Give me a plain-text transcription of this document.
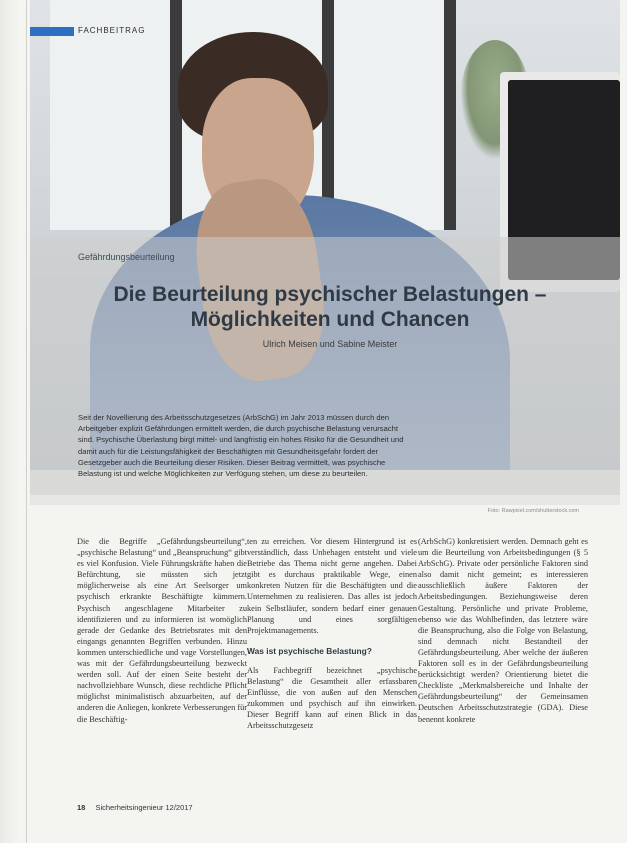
FACHBEITRAG
Gefährdungsbeurteilung
Die Beurteilung psychischer Belastungen –
Möglichkeiten und Chancen
Ulrich Meisen und Sabine Meister
Seit der Novellierung des Arbeitsschutzgesetzes (ArbSchG) im Jahr 2013 müssen durch den Arbeitgeber explizit Gefährdungen ermittelt werden, die durch psychische Belastung verursacht sind. Psychische Überlastung birgt mittel- und langfristig ein hohes Risiko für die Gesundheit und damit auch für die Leistungsfähigkeit der Beschäftigten mit Gesundheitsgefahr fordert der Gesetzgeber auch die Beurteilung dieser Risiken. Dieser Beitrag vermittelt, was psychische Belastung ist und welche Möglichkeiten zur Verfügung stehen, um diese zu beurteilen.
Foto: Rawpixel.com/shutterstock.com

Die die Begriffe „Gefährdungsbeurteilung“, „psychische Belastung“ und „Beanspruchung“ gibt es viel Konfusion. Viele Führungskräfte haben die Befürchtung, sie müssten sich jetzt möglicherweise als eine Art Seelsorger um psychisch erkrankte Beschäftigte kümmern. Psychisch angeschlagene Mitarbeiter zu identifizieren und zu informieren ist womöglich gerade der Gedanke des Betriebsrates mit den eingangs genannten Begriffen verbunden. Hinzu kommen unterschiedliche und vage Vorstellungen, was mit der Gefährdungsbeurteilung bezweckt werden soll. Auf der einen Seite besteht der nachvollziehbare Wunsch, diese rechtliche Pflicht möglichst minimalistisch abzuarbeiten, auf der anderen die Anliegen, konkrete Verbesserungen für die Beschäftig-

ten zu erreichen. Vor diesem Hintergrund ist es verständlich, dass Unbehagen entsteht und viele Betriebe das Thema nicht gerne angehen. Dabei gibt es durchaus praktikable Wege, einen konkreten Nutzen für die Beschäftigten und die Unternehmen zu realisieren. Das alles ist jedoch kein Selbstläufer, sondern bedarf einer genauen Planung und eines sorgfältigen Projektmanagements.

Was ist psychische Belastung?

Als Fachbegriff bezeichnet „psychische Belastung“ die Gesamtheit aller erfassbaren Einflüsse, die von außen auf den Menschen zukommen und psychisch auf ihn einwirken. Dieser Begriff kann auf einen Blick in das Arbeitsschutzgesetz

(ArbSchG) konkretisiert werden. Demnach geht es um die Beurteilung von Arbeitsbedingungen (§ 5 ArbSchG). Private oder persönliche Faktoren sind also damit nicht gemeint; es interessieren ausschließlich äußere Faktoren der Arbeitsbedingungen. Beziehungsweise deren Gestaltung. Persönliche und private Probleme, ebenso wie das Wohlbefinden, das letztere wäre die Beanspruchung, also die Folge von Belastung, sind demnach nicht Bestandteil der Gefährdungsbeurteilung. Aber welche der äußeren Faktoren soll es in der Gefährdungsbeurteilung berücksichtigt werden? Orientierung bietet die Checkliste „Merkmalsbereiche und Inhalte der Gefährdungsbeurteilung“ der Gemeinsamen Deutschen Arbeitsschutzstrategie (GDA). Diese benennt konkrete

18 Sicherheitsingenieur 12/2017
